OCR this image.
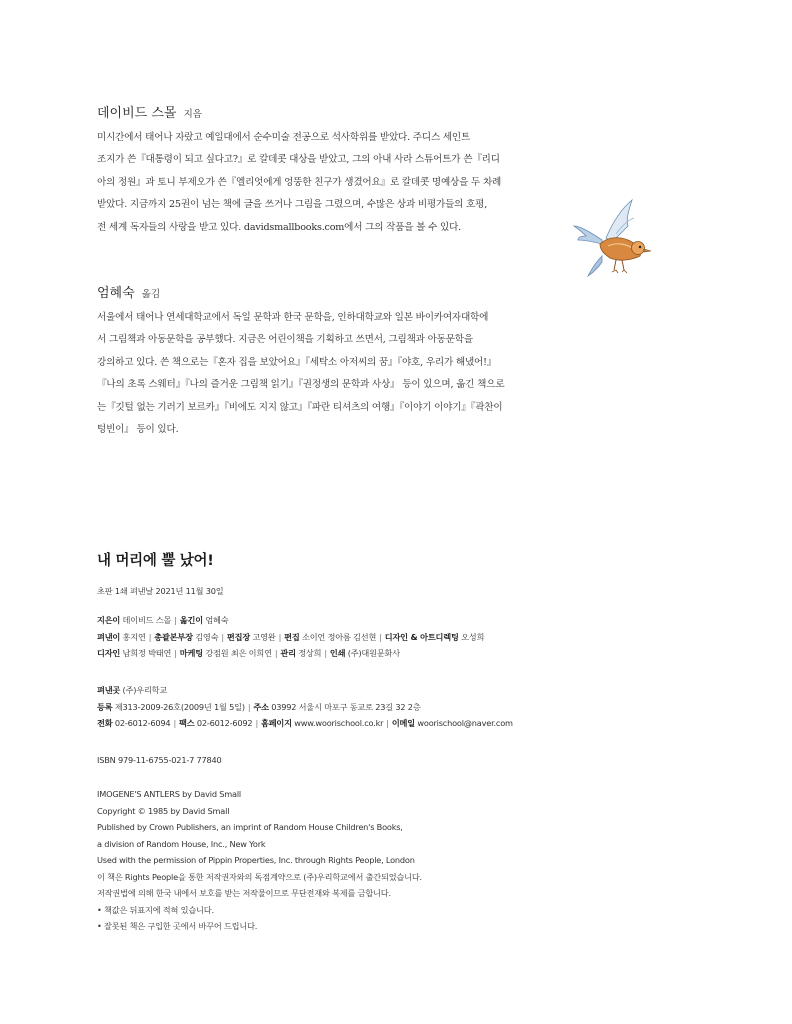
데이비드 스몰 지음
미시간에서 태어나 자랐고 예일대에서 순수미술 전공으로 석사학위를 받았다. 주디스 세인트
조지가 쓴『대통령이 되고 싶다고?』로 칼데콧 대상을 받았고, 그의 아내 사라 스튜어트가 쓴『리디
아의 정원』과 토니 부제오가 쓴『엘리엇에게 엉뚱한 친구가 생겼어요』로 칼데콧 명예상을 두 차례
받았다. 지금까지 25권이 넘는 책에 글을 쓰거나 그림을 그렸으며, 수많은 상과 비평가들의 호평,
전 세계 독자들의 사랑을 받고 있다. davidsmallbooks.com에서 그의 작품을 볼 수 있다.
엄혜숙 옮김
서울에서 태어나 연세대학교에서 독일 문학과 한국 문학을, 인하대학교와 일본 바이카여자대학에
서 그림책과 아동문학을 공부했다. 지금은 어린이책을 기획하고 쓰면서, 그림책과 아동문학을
강의하고 있다. 쓴 책으로는『혼자 집을 보았어요』『세탁소 아저씨의 꿈』『야호, 우리가 해냈어!』
『나의 초록 스웨터』『나의 즐거운 그림책 읽기』『권정생의 문학과 사상』 등이 있으며, 옮긴 책으로
는『깃털 없는 기러기 보르카』『비에도 지지 않고』『파란 티셔츠의 여행』『이야기 이야기』『곽찬이
텅빈이』 등이 있다.
내 머리에 뿔 났어!
초판 1쇄 펴낸날 2021년 11월 30일
지은이 데이비드 스몰 | 옮긴이 엄혜숙
펴낸이 홍지연 | 총괄본부장 김영숙 | 편집장 고영완 | 편집 소이언 정아름 김선현 | 디자인 & 아트디렉팅 오성희
디자인 남희정 박태연 | 마케팅 강점원 최은 이희연 | 관리 정상희 | 인쇄 (주)대원문화사
펴낸곳 (주)우리학교
등록 제313-2009-26호(2009년 1월 5일) | 주소 03992 서울시 마포구 동교로 23길 32 2층
전화 02-6012-6094 | 팩스 02-6012-6092 | 홈페이지 www.woorischool.co.kr | 이메일 woorischool@naver.com
ISBN 979-11-6755-021-7 77840
IMOGENE'S ANTLERS by David Small
Copyright © 1985 by David Small
Published by Crown Publishers, an imprint of Random House Children's Books,
a division of Random House, Inc., New York
Used with the permission of Pippin Properties, Inc. through Rights People, London
이 책은 Rights People을 통한 저작권자와의 독점계약으로 (주)우리학교에서 출간되었습니다.
저작권법에 의해 한국 내에서 보호를 받는 저작물이므로 무단전재와 복제를 금합니다.
• 책값은 뒤표지에 적혀 있습니다.
• 잘못된 책은 구입한 곳에서 바꾸어 드립니다.
